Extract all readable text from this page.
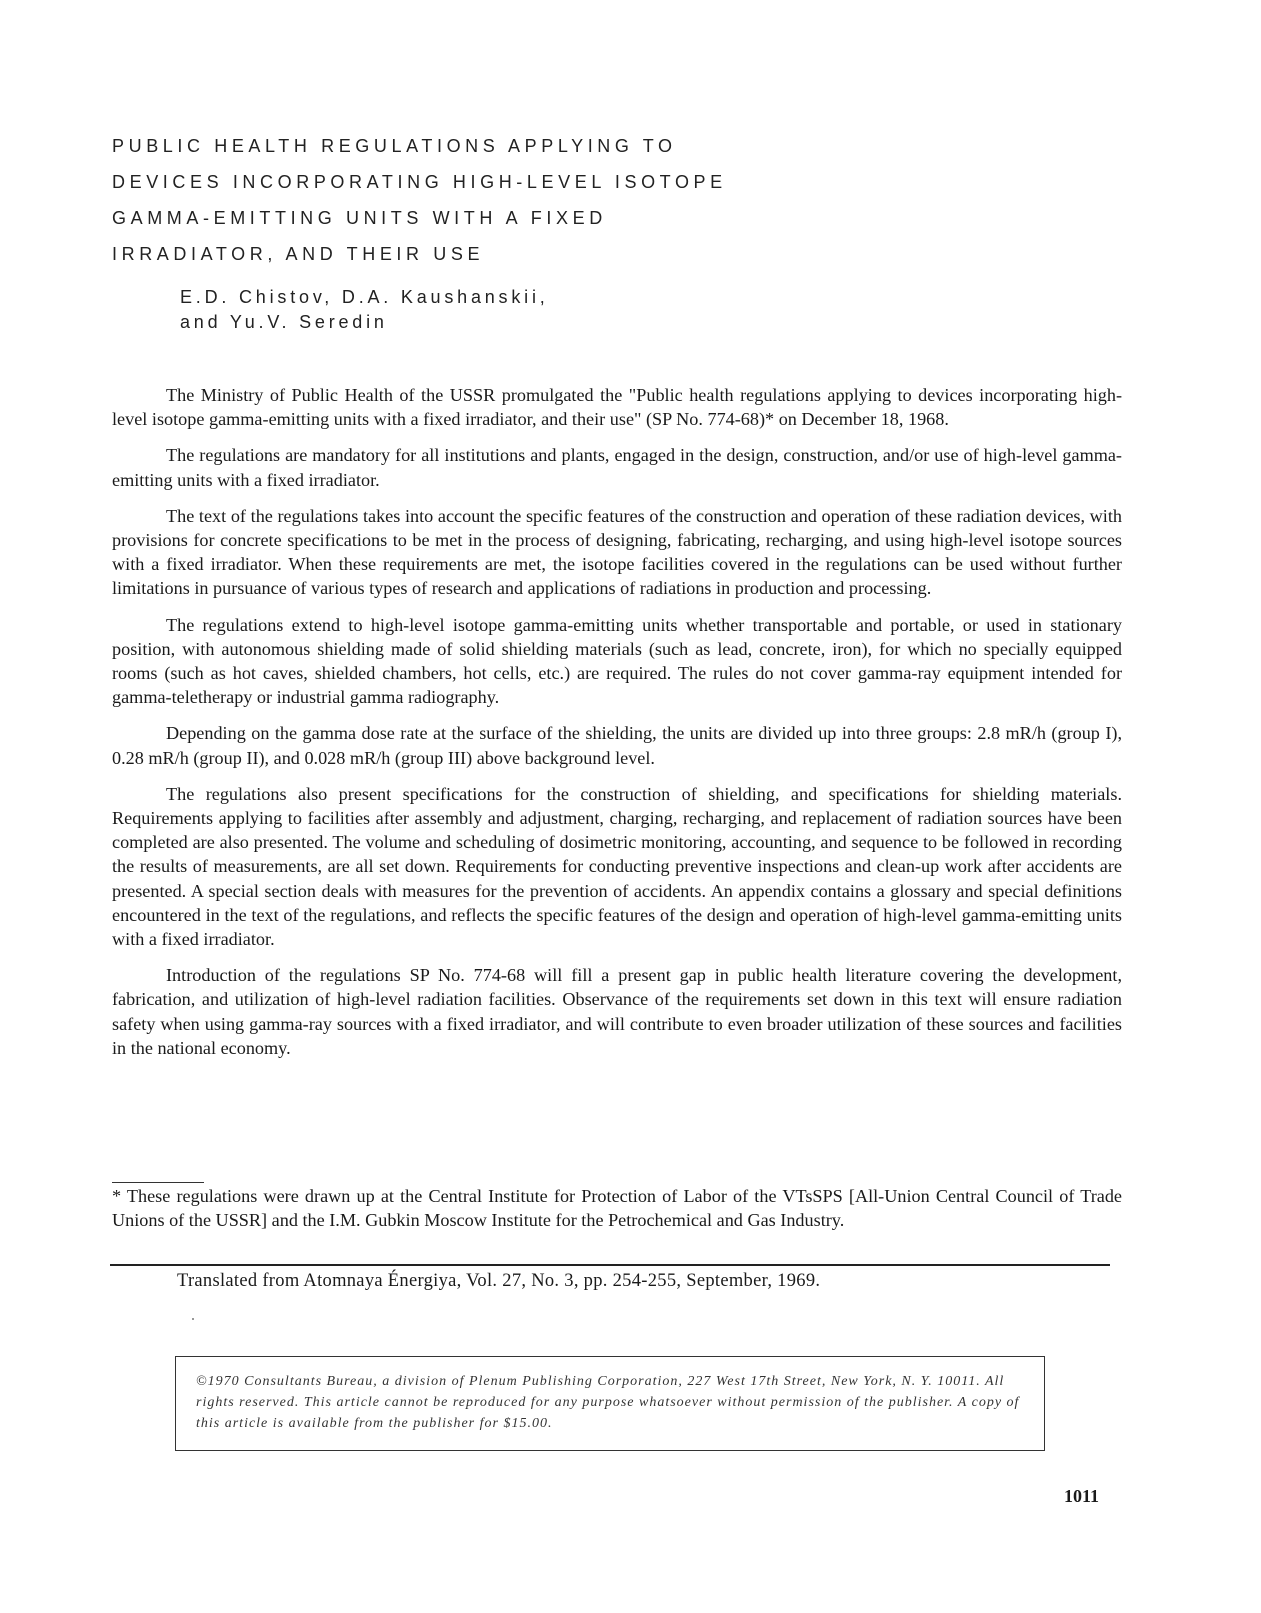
PUBLIC HEALTH REGULATIONS APPLYING TO
DEVICES INCORPORATING HIGH-LEVEL ISOTOPE
GAMMA-EMITTING UNITS WITH A FIXED
IRRADIATOR, AND THEIR USE
E.D. Chistov, D.A. Kaushanskii,
and Yu.V. Seredin

The Ministry of Public Health of the USSR promulgated the "Public health regulations applying to devices incorporating high-level isotope gamma-emitting units with a fixed irradiator, and their use" (SP No. 774-68)* on December 18, 1968.

The regulations are mandatory for all institutions and plants, engaged in the design, construction, and/or use of high-level gamma-emitting units with a fixed irradiator.

The text of the regulations takes into account the specific features of the construction and operation of these radiation devices, with provisions for concrete specifications to be met in the process of designing, fabricating, recharging, and using high-level isotope sources with a fixed irradiator. When these requirements are met, the isotope facilities covered in the regulations can be used without further limitations in pursuance of various types of research and applications of radiations in production and processing.

The regulations extend to high-level isotope gamma-emitting units whether transportable and portable, or used in stationary position, with autonomous shielding made of solid shielding materials (such as lead, concrete, iron), for which no specially equipped rooms (such as hot caves, shielded chambers, hot cells, etc.) are required. The rules do not cover gamma-ray equipment intended for gamma-teletherapy or industrial gamma radiography.

Depending on the gamma dose rate at the surface of the shielding, the units are divided up into three groups: 2.8 mR/h (group I), 0.28 mR/h (group II), and 0.028 mR/h (group III) above background level.

The regulations also present specifications for the construction of shielding, and specifications for shielding materials. Requirements applying to facilities after assembly and adjustment, charging, recharging, and replacement of radiation sources have been completed are also presented. The volume and scheduling of dosimetric monitoring, accounting, and sequence to be followed in recording the results of measurements, are all set down. Requirements for conducting preventive inspections and clean-up work after accidents are presented. A special section deals with measures for the prevention of accidents. An appendix contains a glossary and special definitions encountered in the text of the regulations, and reflects the specific features of the design and operation of high-level gamma-emitting units with a fixed irradiator.

Introduction of the regulations SP No. 774-68 will fill a present gap in public health literature covering the development, fabrication, and utilization of high-level radiation facilities. Observance of the requirements set down in this text will ensure radiation safety when using gamma-ray sources with a fixed irradiator, and will contribute to even broader utilization of these sources and facilities in the national economy.

* These regulations were drawn up at the Central Institute for Protection of Labor of the VTsSPS [All-Union Central Council of Trade Unions of the USSR] and the I.M. Gubkin Moscow Institute for the Petrochemical and Gas Industry.
Translated from Atomnaya Énergiya, Vol. 27, No. 3, pp. 254-255, September, 1969.
©1970 Consultants Bureau, a division of Plenum Publishing Corporation, 227 West 17th Street, New York, N. Y. 10011. All rights reserved. This article cannot be reproduced for any purpose whatsoever without permission of the publisher. A copy of this article is available from the publisher for $15.00.
1011
